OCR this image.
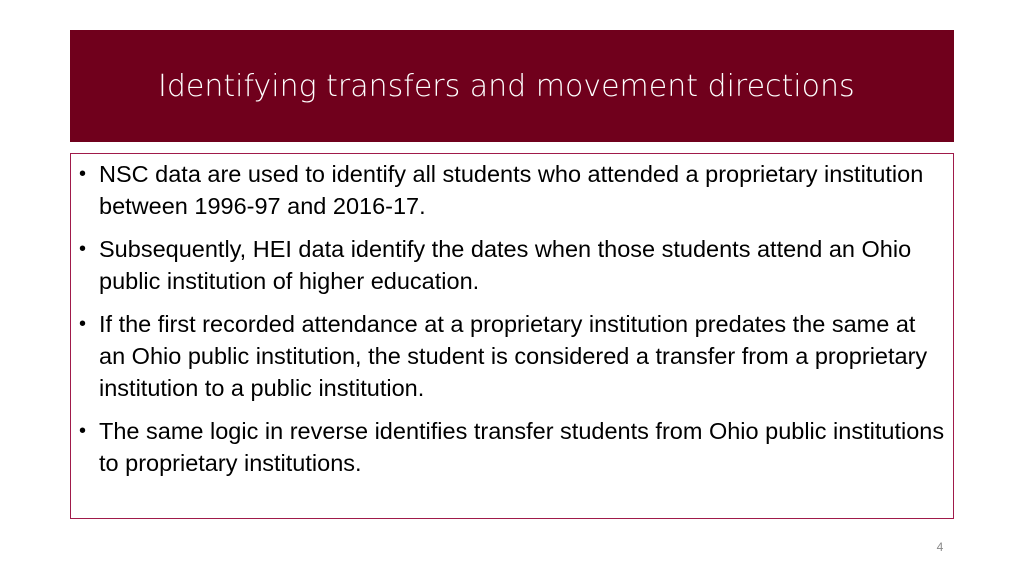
Identifying transfers and movement directions
• NSC data are used to identify all students who attended a proprietary institution between 1996-97 and 2016-17.
• Subsequently, HEI data identify the dates when those students attend an Ohio public institution of higher education.
• If the first recorded attendance at a proprietary institution predates the same at an Ohio public institution, the student is considered a transfer from a proprietary institution to a public institution.
• The same logic in reverse identifies transfer students from Ohio public institutions to proprietary institutions.
4
